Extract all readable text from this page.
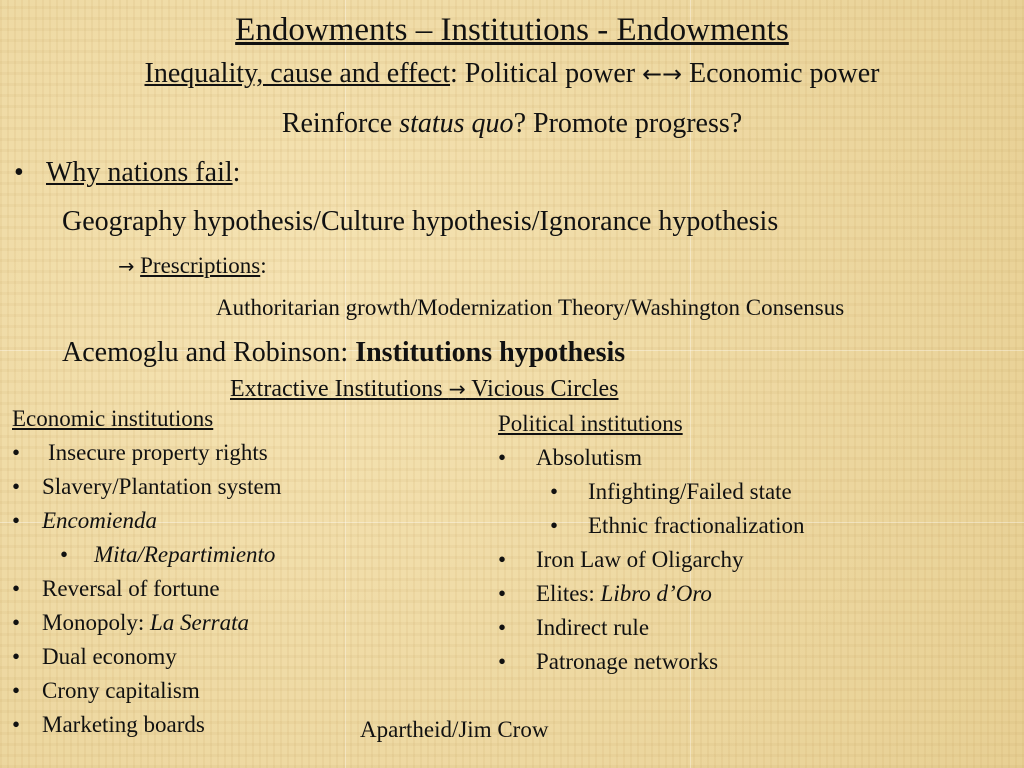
Endowments – Institutions - Endowments
Inequality, cause and effect: Political power ←→ Economic power
Reinforce status quo? Promote progress?
• Why nations fail:
Geography hypothesis/Culture hypothesis/Ignorance hypothesis
→ Prescriptions:
Authoritarian growth/Modernization Theory/Washington Consensus
Acemoglu and Robinson: Institutions hypothesis
Extractive Institutions → Vicious Circles
Economic institutions
• Insecure property rights
• Slavery/Plantation system
• Encomienda
• Mita/Repartimiento
• Reversal of fortune
• Monopoly: La Serrata
• Dual economy
• Crony capitalism
• Marketing boards
Political institutions
• Absolutism
• Infighting/Failed state
• Ethnic fractionalization
• Iron Law of Oligarchy
• Elites: Libro d’Oro
• Indirect rule
• Patronage networks
Apartheid/Jim Crow
